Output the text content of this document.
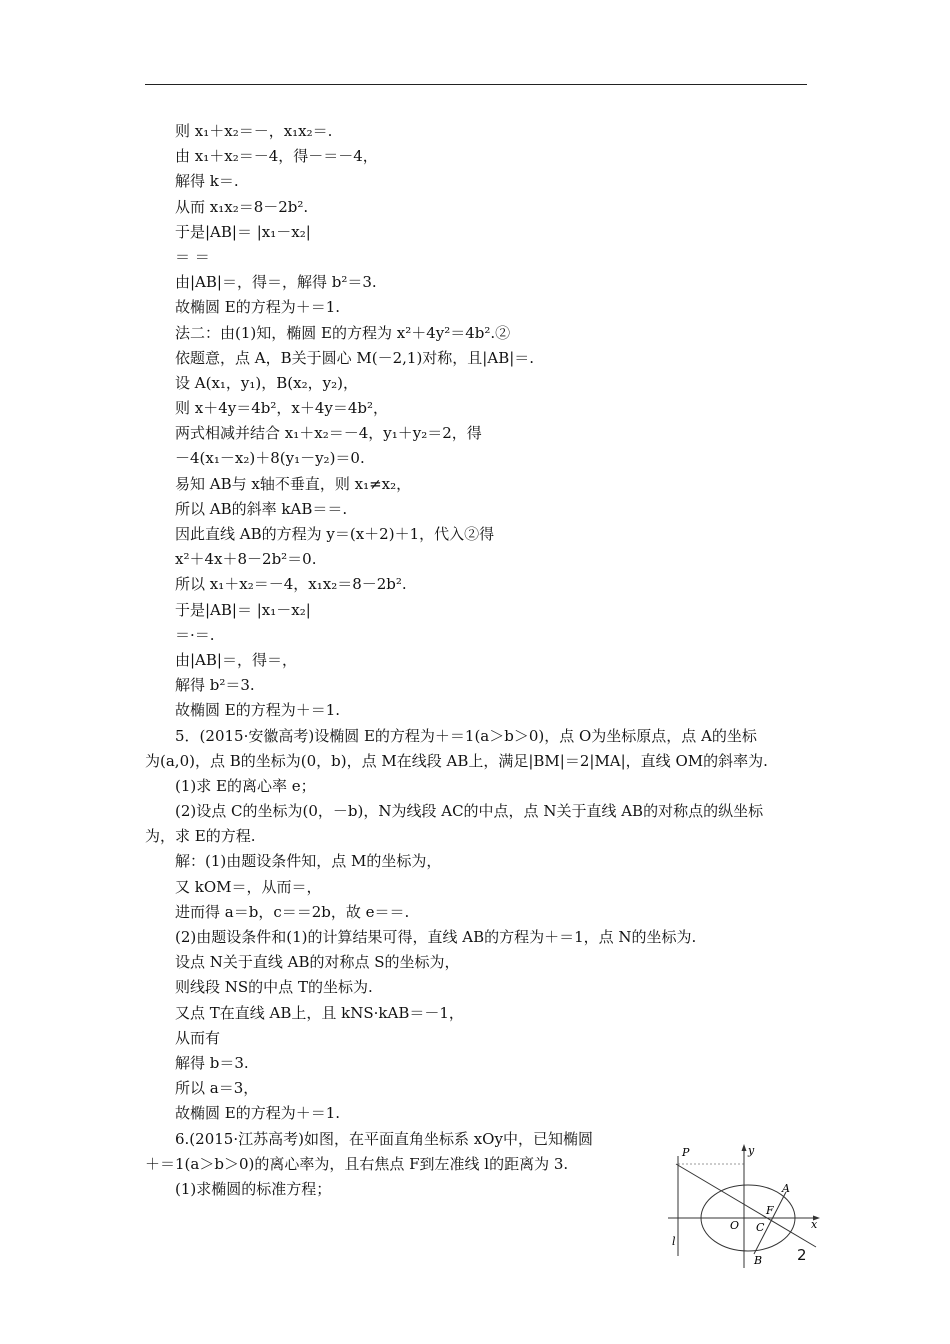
则 x₁＋x₂＝－，x₁x₂＝.
由 x₁＋x₂＝－4，得－＝－4，
解得 k＝.
从而 x₁x₂＝8－2b².
于是|AB|＝ |x₁－x₂|
＝ ＝
由|AB|＝，得＝，解得 b²＝3.
故椭圆 E的方程为＋＝1.
法二：由(1)知，椭圆 E的方程为 x²＋4y²＝4b².②
依题意，点 A，B关于圆心 M(－2,1)对称，且|AB|＝.
设 A(x₁，y₁)，B(x₂，y₂)，
则 x＋4y＝4b²，x＋4y＝4b²，
两式相减并结合 x₁＋x₂＝－4，y₁＋y₂＝2，得
－4(x₁－x₂)＋8(y₁－y₂)＝0.
易知 AB与 x轴不垂直，则 x₁≠x₂，
所以 AB的斜率 kAB＝＝.
因此直线 AB的方程为 y＝(x＋2)＋1，代入②得
x²＋4x＋8－2b²＝0.
所以 x₁＋x₂＝－4，x₁x₂＝8－2b².
于是|AB|＝ |x₁－x₂|
＝·＝.
由|AB|＝，得＝，
解得 b²＝3.
故椭圆 E的方程为＋＝1.
5．(2015·安徽高考)设椭圆 E的方程为＋＝1(a＞b＞0)，点 O为坐标原点，点 A的坐标
为(a,0)，点 B的坐标为(0，b)，点 M在线段 AB上，满足|BM|＝2|MA|，直线 OM的斜率为.
(1)求 E的离心率 e；
(2)设点 C的坐标为(0，－b)，N为线段 AC的中点，点 N关于直线 AB的对称点的纵坐标
为，求 E的方程.
解：(1)由题设条件知，点 M的坐标为，
又 kOM＝，从而＝，
进而得 a＝b，c＝＝2b，故 e＝＝.
(2)由题设条件和(1)的计算结果可得，直线 AB的方程为＋＝1，点 N的坐标为.
设点 N关于直线 AB的对称点 S的坐标为，
则线段 NS的中点 T的坐标为.
又点 T在直线 AB上，且 kNS·kAB＝－1，
从而有
解得 b＝3.
所以 a＝3，
故椭圆 E的方程为＋＝1.
6.(2015·江苏高考)如图，在平面直角坐标系 xOy中，已知椭圆
＋＝1(a＞b＞0)的离心率为，且右焦点 F到左准线 l的距离为 3.
(1)求椭圆的标准方程；
P	y
A
F
O C	x
l
B 2
